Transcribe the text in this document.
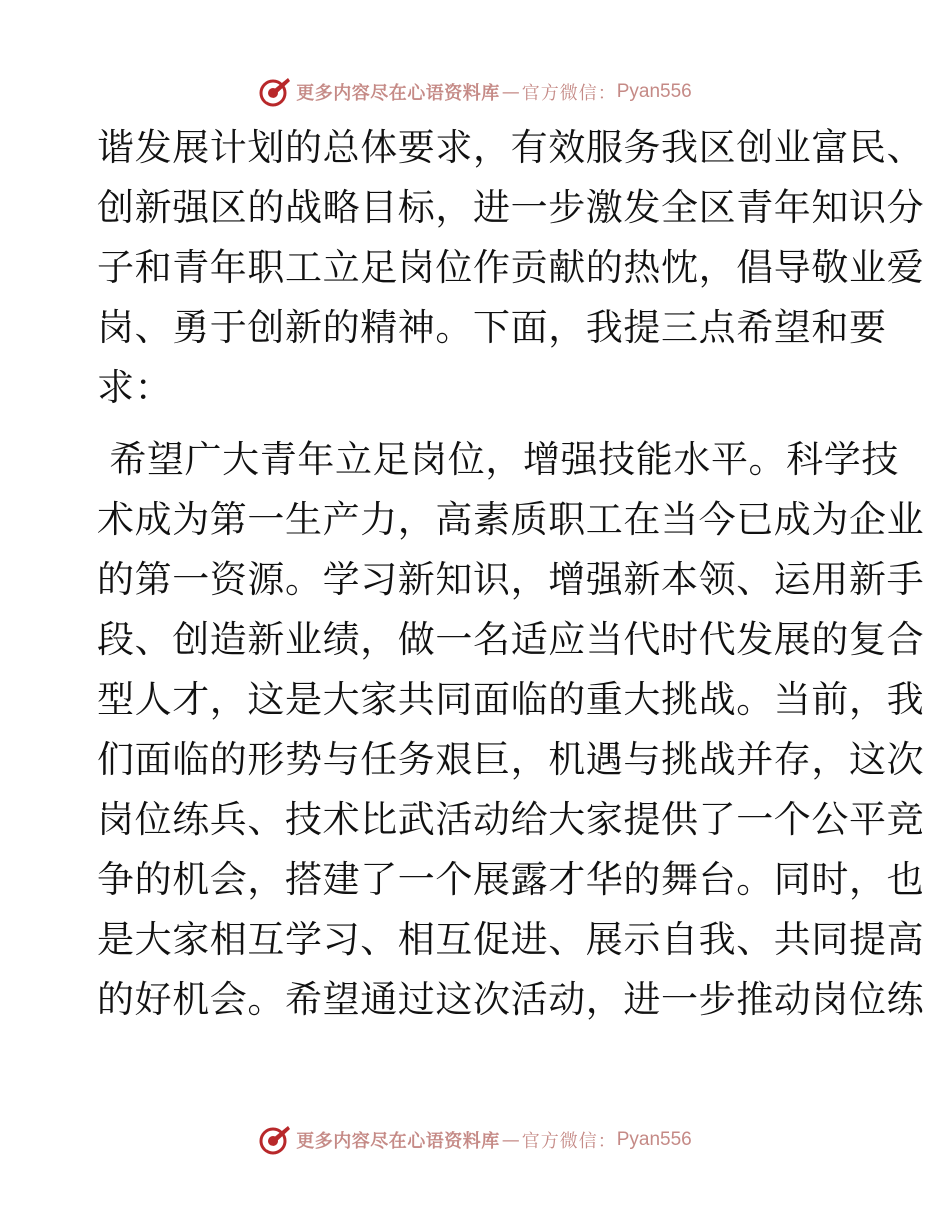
更多内容尽在心语资料库 — 官方微信： Pyan556
谐发展计划的总体要求，有效服务我区创业富民、
创新强区的战略目标，进一步激发全区青年知识分
子和青年职工立足岗位作贡献的热忱，倡导敬业爱
岗、勇于创新的精神。下面，我提三点希望和要
求：
希望广大青年立足岗位，增强技能水平。科学技
术成为第一生产力，高素质职工在当今已成为企业
的第一资源。学习新知识，增强新本领、运用新手
段、创造新业绩，做一名适应当代时代发展的复合
型人才，这是大家共同面临的重大挑战。当前，我
们面临的形势与任务艰巨，机遇与挑战并存，这次
岗位练兵、技术比武活动给大家提供了一个公平竞
争的机会，搭建了一个展露才华的舞台。同时，也
是大家相互学习、相互促进、展示自我、共同提高
的好机会。希望通过这次活动，进一步推动岗位练
更多内容尽在心语资料库 — 官方微信： Pyan556
